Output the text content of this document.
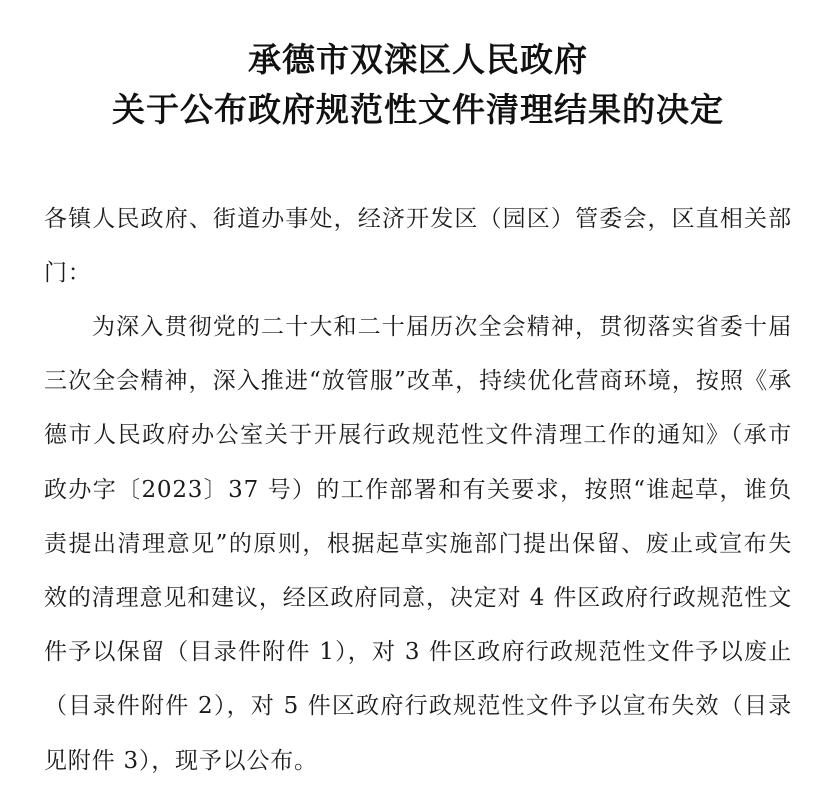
承德市双滦区人民政府
关于公布政府规范性文件清理结果的决定
各镇人民政府、街道办事处，经济开发区（园区）管委会，区直相关部门：
为深入贯彻党的二十大和二十届历次全会精神，贯彻落实省委十届三次全会精神，深入推进“放管服”改革，持续优化营商环境，按照《承德市人民政府办公室关于开展行政规范性文件清理工作的通知》（承市政办字〔2023〕37 号）的工作部署和有关要求，按照“谁起草，谁负责提出清理意见”的原则，根据起草实施部门提出保留、废止或宣布失效的清理意见和建议，经区政府同意，决定对 4 件区政府行政规范性文件予以保留（目录件附件 1），对 3 件区政府行政规范性文件予以废止（目录件附件 2），对 5 件区政府行政规范性文件予以宣布失效（目录见附件 3），现予以公布。
